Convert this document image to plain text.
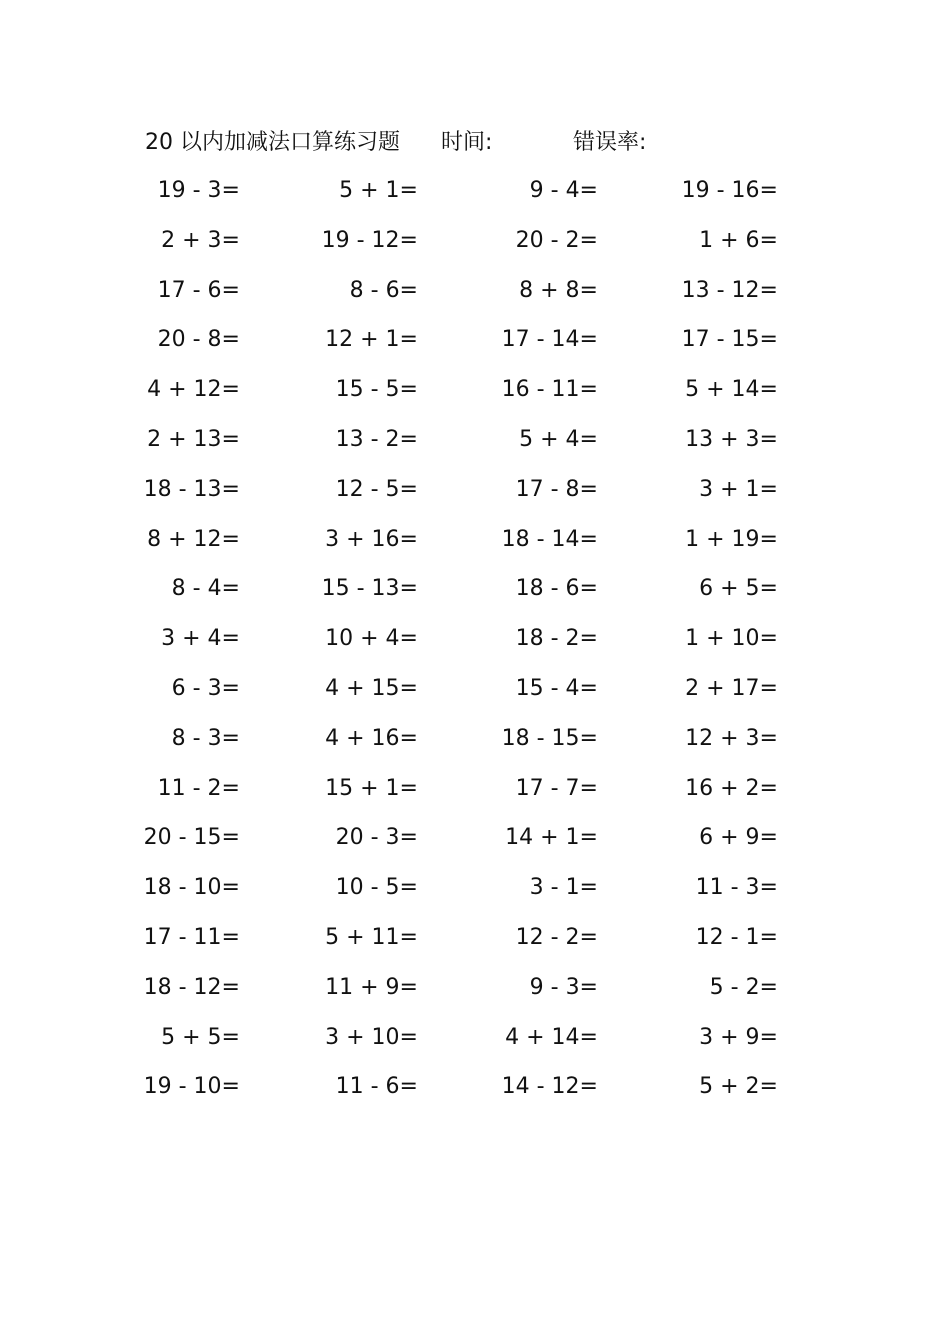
20 以内加减法口算练习题 时间:	错误率:
19 - 3=	5 + 1=	9 - 4=	19 - 16=
2 + 3=	19 - 12=	20 - 2=	1 + 6=
17 - 6=	8 - 6=	8 + 8=	13 - 12=
20 - 8=	12 + 1=	17 - 14=	17 - 15=
4 + 12=	15 - 5=	16 - 11=	5 + 14=
2 + 13=	13 - 2=	5 + 4=	13 + 3=
18 - 13=	12 - 5=	17 - 8=	3 + 1=
8 + 12=	3 + 16=	18 - 14=	1 + 19=
8 - 4=	15 - 13=	18 - 6=	6 + 5=
3 + 4=	10 + 4=	18 - 2=	1 + 10=
6 - 3=	4 + 15=	15 - 4=	2 + 17=
8 - 3=	4 + 16=	18 - 15=	12 + 3=
11 - 2=	15 + 1=	17 - 7=	16 + 2=
20 - 15=	20 - 3=	14 + 1=	6 + 9=
18 - 10=	10 - 5=	3 - 1=	11 - 3=
17 - 11=	5 + 11=	12 - 2=	12 - 1=
18 - 12=	11 + 9=	9 - 3=	5 - 2=
5 + 5=	3 + 10=	4 + 14=	3 + 9=
19 - 10=	11 - 6=	14 - 12=	5 + 2=
